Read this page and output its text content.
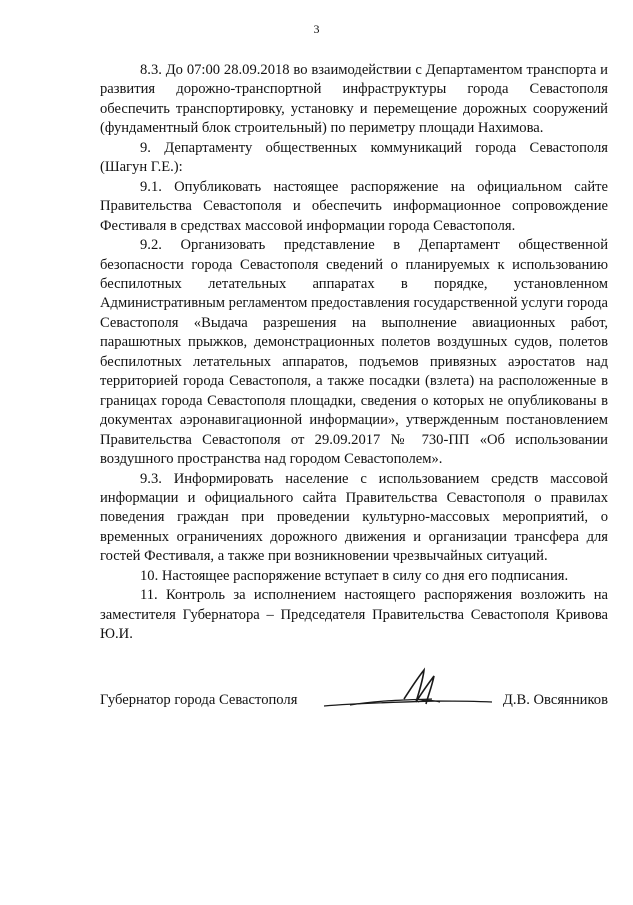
3

8.3. До 07:00 28.09.2018 во взаимодействии с Департаментом транспорта и развития дорожно-транспортной инфраструктуры города Севастополя обеспечить транспортировку, установку и перемещение дорожных сооружений (фундаментный блок строительный) по периметру площади Нахимова.

9. Департаменту общественных коммуникаций города Севастополя (Шагун Г.Е.):

9.1. Опубликовать настоящее распоряжение на официальном сайте Правительства Севастополя и обеспечить информационное сопровождение Фестиваля в средствах массовой информации города Севастополя.

9.2. Организовать представление в Департамент общественной безопасности города Севастополя сведений о планируемых к использованию беспилотных летательных аппаратах в порядке, установленном Административным регламентом предоставления государственной услуги города Севастополя «Выдача разрешения на выполнение авиационных работ, парашютных прыжков, демонстрационных полетов воздушных судов, полетов беспилотных летательных аппаратов, подъемов привязных аэростатов над территорией города Севастополя, а также посадки (взлета) на расположенные в границах города Севастополя площадки, сведения о которых не опубликованы в документах аэронавигационной информации», утвержденным постановлением Правительства Севастополя от 29.09.2017 № 730-ПП «Об использовании воздушного пространства над городом Севастополем».

9.3. Информировать население с использованием средств массовой информации и официального сайта Правительства Севастополя о правилах поведения граждан при проведении культурно-массовых мероприятий, о временных ограничениях дорожного движения и организации трансфера для гостей Фестиваля, а также при возникновении чрезвычайных ситуаций.

10. Настоящее распоряжение вступает в силу со дня его подписания.

11. Контроль за исполнением настоящего распоряжения возложить на заместителя Губернатора – Председателя Правительства Севастополя Кривова Ю.И.

Губернатор города Севастополя	Д.В. Овсянников
